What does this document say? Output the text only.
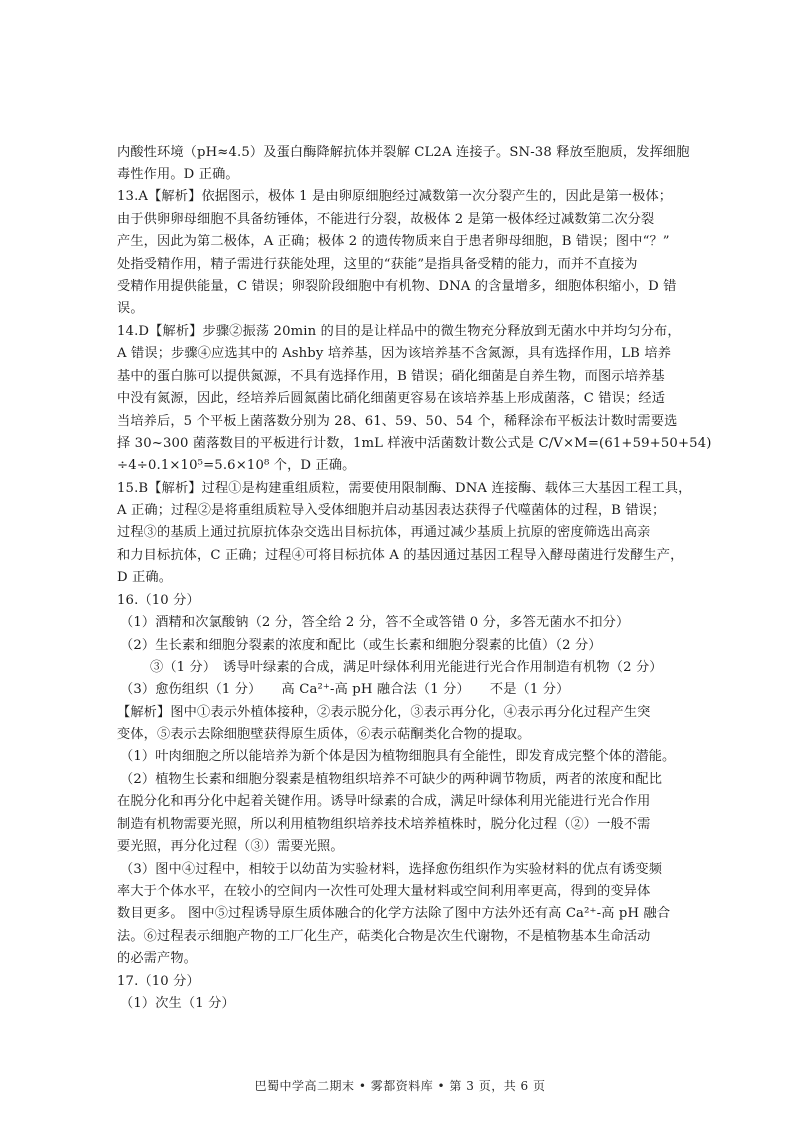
内酸性环境（pH≈4.5）及蛋白酶降解抗体并裂解 CL2A 连接子。SN-38 释放至胞质，发挥细胞
毒性作用。D 正确。
13.A【解析】依据图示，极体 1 是由卵原细胞经过减数第一次分裂产生的，因此是第一极体；
由于供卵卵母细胞不具备纺锤体，不能进行分裂，故极体 2 是第一极体经过减数第二次分裂
产生，因此为第二极体，A 正确；极体 2 的遗传物质来自于患者卵母细胞，B 错误；图中“？”
处指受精作用，精子需进行获能处理，这里的“获能”是指具备受精的能力，而并不直接为
受精作用提供能量，C 错误；卵裂阶段细胞中有机物、DNA 的含量增多，细胞体积缩小，D 错
误。
14.D【解析】步骤②振荡 20min 的目的是让样品中的微生物充分释放到无菌水中并均匀分布，
A 错误；步骤④应选其中的 Ashby 培养基，因为该培养基不含氮源，具有选择作用，LB 培养
基中的蛋白胨可以提供氮源，不具有选择作用，B 错误；硝化细菌是自养生物，而图示培养基
中没有氮源，因此，经培养后圆氮菌比硝化细菌更容易在该培养基上形成菌落，C 错误；经适
当培养后，5 个平板上菌落数分别为 28、61、59、50、54 个，稀释涂布平板法计数时需要选
择 30~300 菌落数目的平板进行计数，1mL 样液中活菌数计数公式是 C/V×M=(61+59+50+54)
÷4÷0.1×10⁵=5.6×10⁸ 个，D 正确。
15.B【解析】过程①是构建重组质粒，需要使用限制酶、DNA 连接酶、载体三大基因工程工具，
A 正确；过程②是将重组质粒导入受体细胞并启动基因表达获得子代噬菌体的过程，B 错误；
过程③的基质上通过抗原抗体杂交选出目标抗体，再通过减少基质上抗原的密度筛选出高亲
和力目标抗体，C 正确；过程④可将目标抗体 A 的基因通过基因工程导入酵母菌进行发酵生产，
D 正确。
16.（10 分）
（1）酒精和次氯酸钠（2 分，答全给 2 分，答不全或答错 0 分，多答无菌水不扣分）
（2）生长素和细胞分裂素的浓度和配比（或生长素和细胞分裂素的比值）（2 分）
③（1 分）　诱导叶绿素的合成，满足叶绿体利用光能进行光合作用制造有机物（2 分）
（3）愈伤组织（1 分）　　高 Ca²⁺-高 pH 融合法（1 分）　　不是（1 分）
【解析】图中①表示外植体接种，②表示脱分化，③表示再分化，④表示再分化过程产生突
变体，⑤表示去除细胞壁获得原生质体，⑥表示萜酮类化合物的提取。
（1）叶肉细胞之所以能培养为新个体是因为植物细胞具有全能性，即发育成完整个体的潜能。
（2）植物生长素和细胞分裂素是植物组织培养不可缺少的两种调节物质，两者的浓度和配比
在脱分化和再分化中起着关键作用。诱导叶绿素的合成，满足叶绿体利用光能进行光合作用
制造有机物需要光照，所以利用植物组织培养技术培养植株时，脱分化过程（②）一般不需
要光照，再分化过程（③）需要光照。
（3）图中④过程中，相较于以幼苗为实验材料，选择愈伤组织作为实验材料的优点有诱变频
率大于个体水平，在较小的空间内一次性可处理大量材料或空间利用率更高，得到的变异体
数目更多。 图中⑤过程诱导原生质体融合的化学方法除了图中方法外还有高 Ca²⁺-高 pH 融合
法。⑥过程表示细胞产物的工厂化生产，萜类化合物是次生代谢物，不是植物基本生命活动
的必需产物。
17.（10 分）
（1）次生（1 分）
巴蜀中学高二期末 • 雾都资料库 • 第 3 页，共 6 页
